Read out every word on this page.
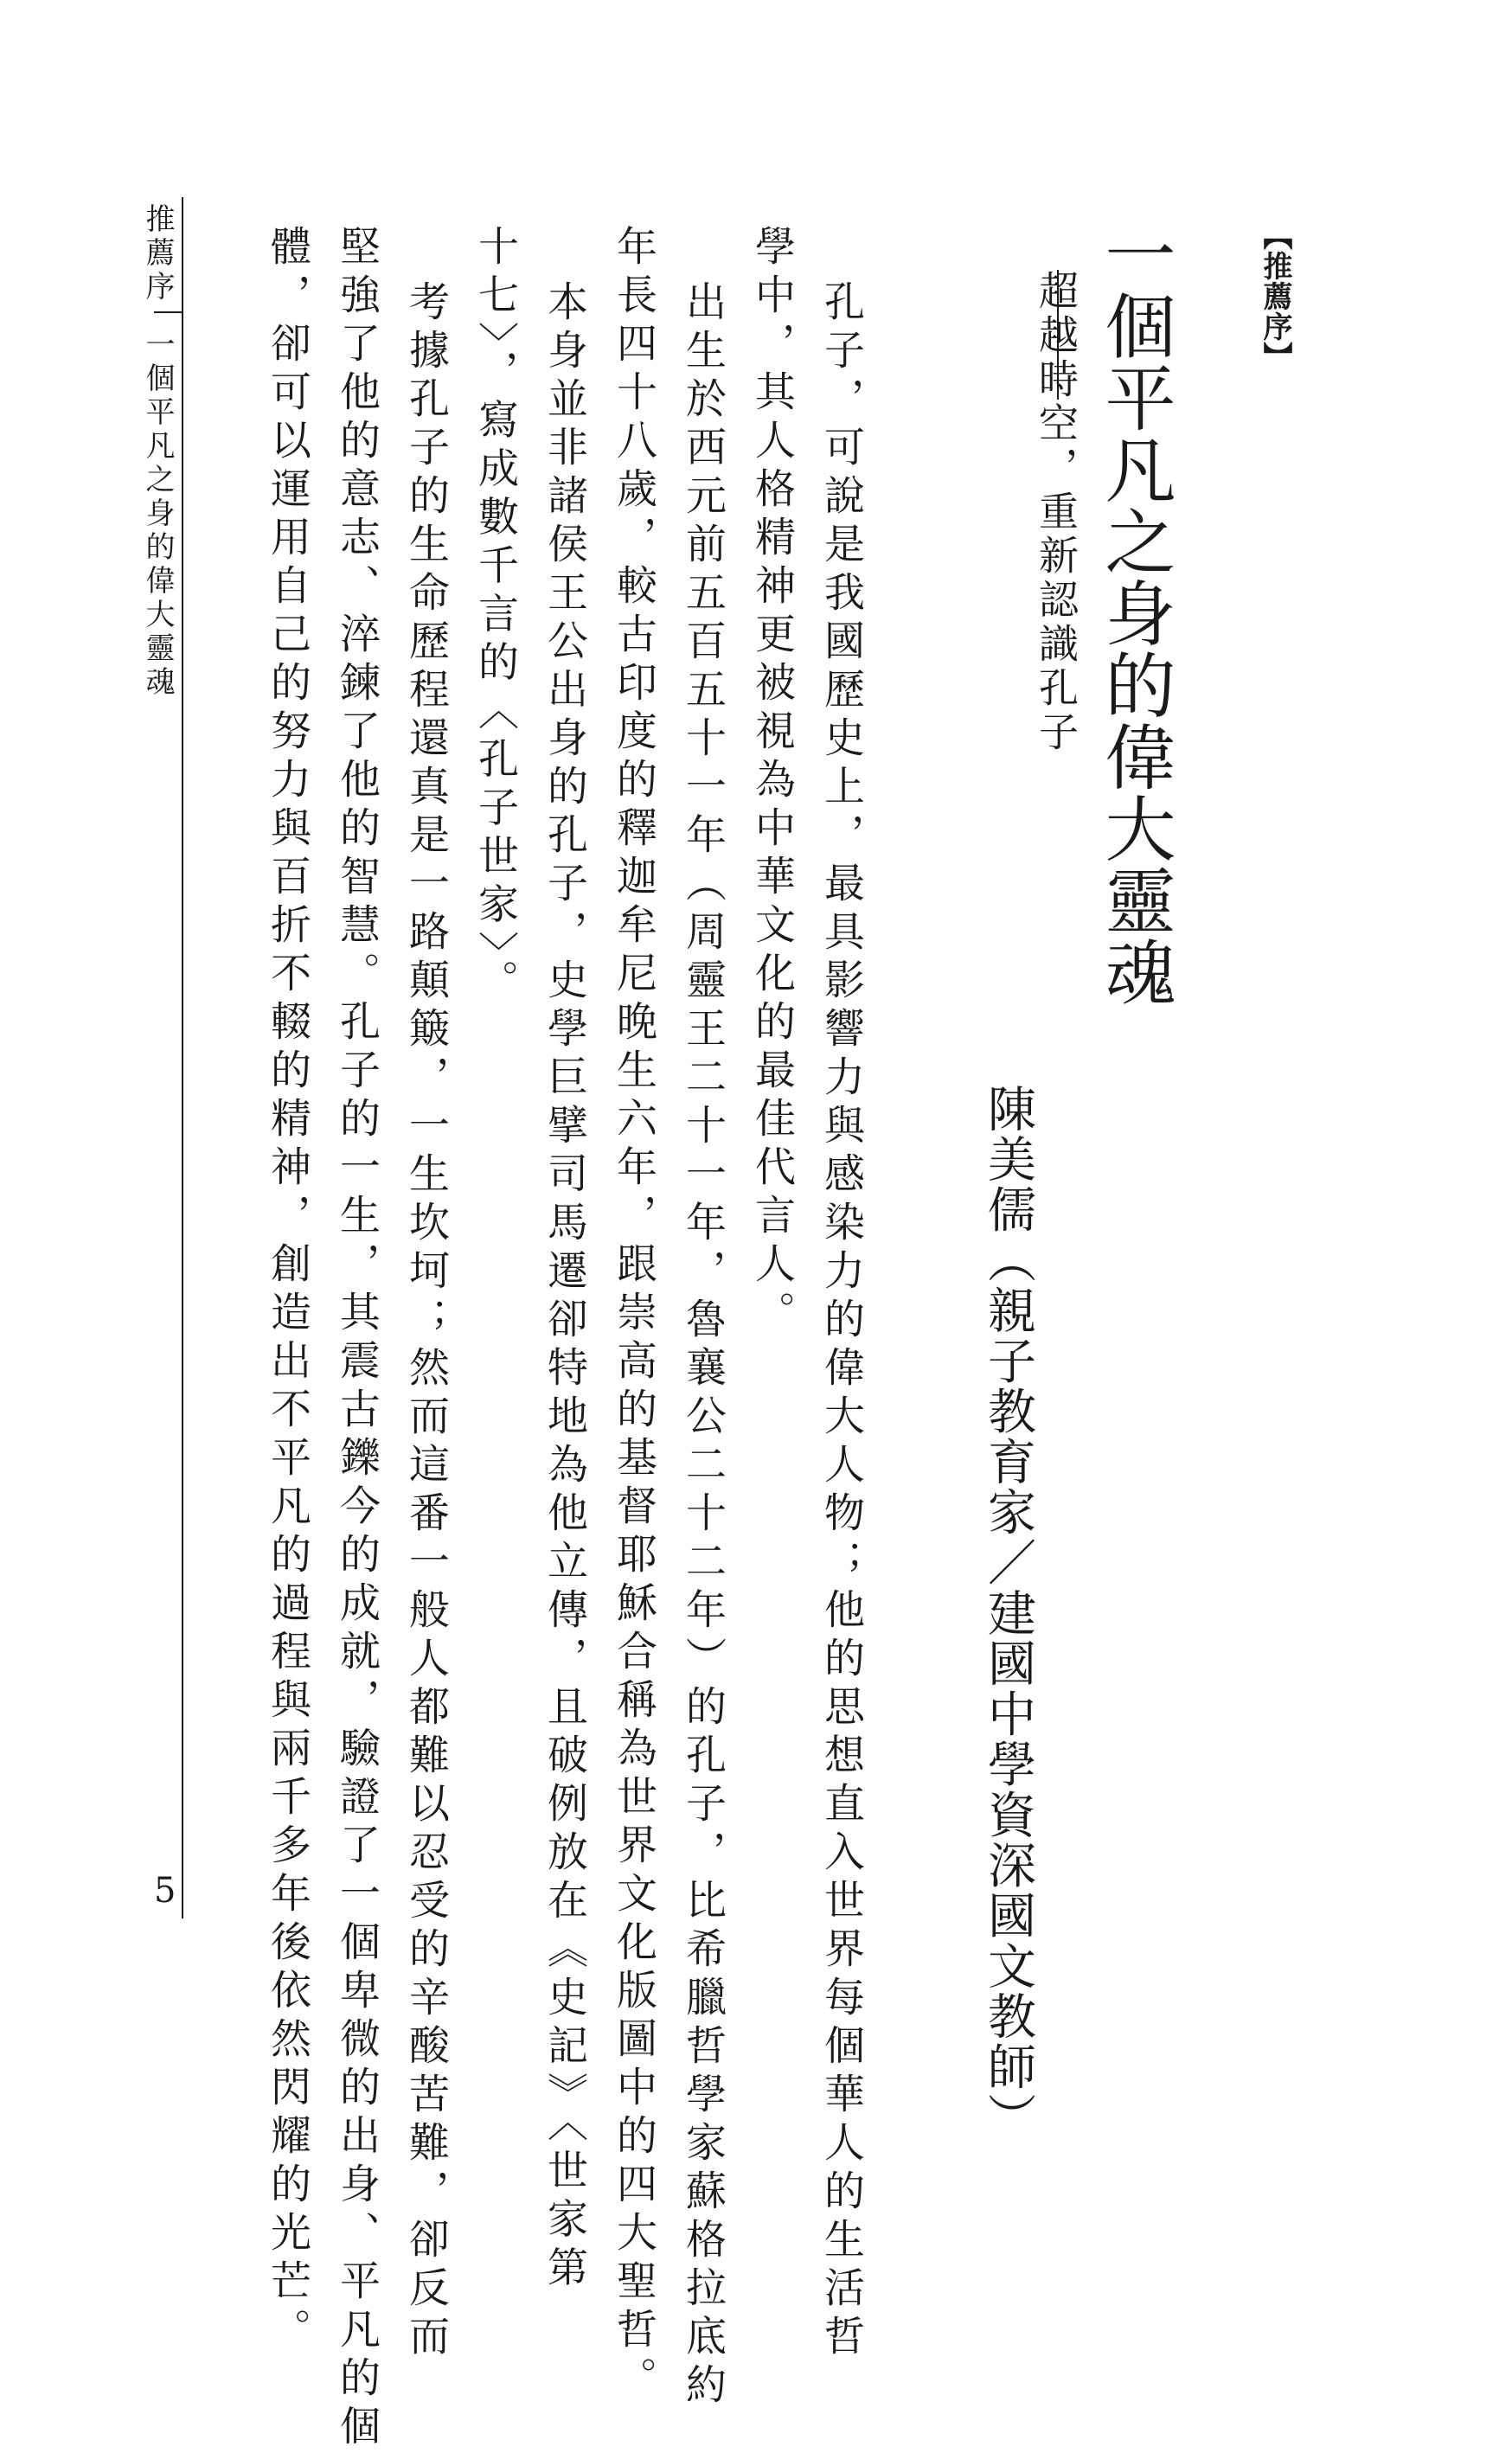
【推薦序】
一個平凡之身的偉大靈魂
超越時空，重新認識孔子
陳美儒（親子教育家／建國中學資深國文教師）
孔子，可說是我國歷史上，最具影響力與感染力的偉大人物；他的思想直入世界每個華人的生活哲
學中，其人格精神更被視為中華文化的最佳代言人。
出生於西元前五百五十一年（周靈王二十一年，魯襄公二十二年）的孔子，比希臘哲學家蘇格拉底約
年長四十八歲，較古印度的釋迦牟尼晚生六年，跟崇高的基督耶穌合稱為世界文化版圖中的四大聖哲。
本身並非諸侯王公出身的孔子，史學巨擘司馬遷卻特地為他立傳，且破例放在《史記》〈世家第
十七〉，寫成數千言的〈孔子世家〉。
考據孔子的生命歷程還真是一路顛簸，一生坎坷；然而這番一般人都難以忍受的辛酸苦難，卻反而
堅強了他的意志、淬鍊了他的智慧。孔子的一生，其震古鑠今的成就，驗證了一個卑微的出身、平凡的個
體，卻可以運用自己的努力與百折不輟的精神，創造出不平凡的過程與兩千多年後依然閃耀的光芒。
推薦序
一個平凡之身的偉大靈魂
5
